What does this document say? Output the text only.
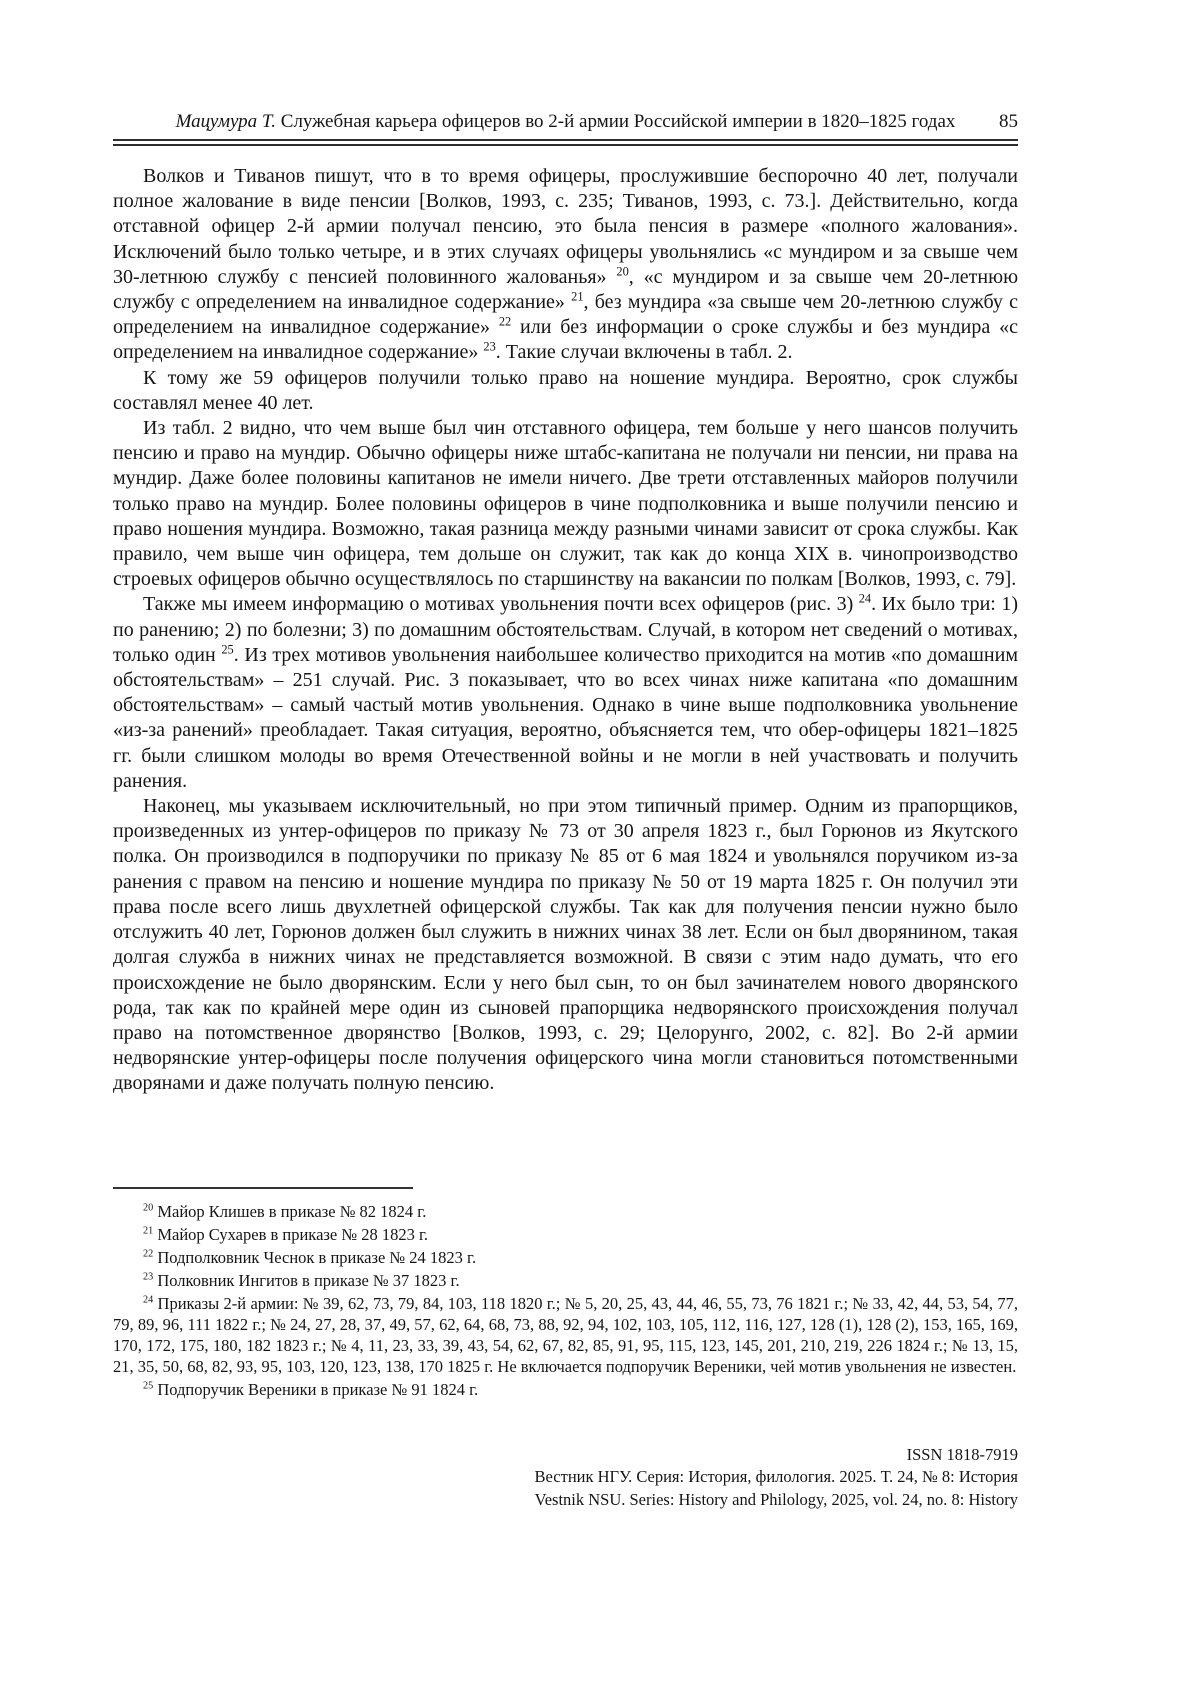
Мацумура Т. Служебная карьера офицеров во 2-й армии Российской империи в 1820–1825 годах 85

Волков и Тиванов пишут, что в то время офицеры, прослужившие беспорочно 40 лет, получали полное жалование в виде пенсии [Волков, 1993, с. 235; Тиванов, 1993, с. 73.]. Действительно, когда отставной офицер 2-й армии получал пенсию, это была пенсия в размере «полного жалования». Исключений было только четыре, и в этих случаях офицеры увольнялись «с мундиром и за свыше чем 30-летнюю службу с пенсией половинного жалованья» $^{20}$, «с мундиром и за свыше чем 20-летнюю службу с определением на инвалидное содержание» $^{21}$, без мундира «за свыше чем 20-летнюю службу с определением на инвалидное содержание» $^{22}$ или без информации о сроке службы и без мундира «с определением на инвалидное содержание» $^{23}$. Такие случаи включены в табл. 2.

К тому же 59 офицеров получили только право на ношение мундира. Вероятно, срок службы составлял менее 40 лет.

Из табл. 2 видно, что чем выше был чин отставного офицера, тем больше у него шансов получить пенсию и право на мундир. Обычно офицеры ниже штабс-капитана не получали ни пенсии, ни права на мундир. Даже более половины капитанов не имели ничего. Две трети отставленных майоров получили только право на мундир. Более половины офицеров в чине подполковника и выше получили пенсию и право ношения мундира. Возможно, такая разница между разными чинами зависит от срока службы. Как правило, чем выше чин офицера, тем дольше он служит, так как до конца XIX в. чинопроизводство строевых офицеров обычно осуществлялось по старшинству на вакансии по полкам [Волков, 1993, с. 79].

Также мы имеем информацию о мотивах увольнения почти всех офицеров (рис. 3) $^{24}$. Их было три: 1) по ранению; 2) по болезни; 3) по домашним обстоятельствам. Случай, в котором нет сведений о мотивах, только один $^{25}$. Из трех мотивов увольнения наибольшее количество приходится на мотив «по домашним обстоятельствам» – 251 случай. Рис. 3 показывает, что во всех чинах ниже капитана «по домашним обстоятельствам» – самый частый мотив увольнения. Однако в чине выше подполковника увольнение «из-за ранений» преобладает. Такая ситуация, вероятно, объясняется тем, что обер-офицеры 1821–1825 гг. были слишком молоды во время Отечественной войны и не могли в ней участвовать и получить ранения.

Наконец, мы указываем исключительный, но при этом типичный пример. Одним из прапорщиков, произведенных из унтер-офицеров по приказу № 73 от 30 апреля 1823 г., был Горюнов из Якутского полка. Он производился в подпоручики по приказу № 85 от 6 мая 1824 и увольнялся поручиком из-за ранения с правом на пенсию и ношение мундира по приказу № 50 от 19 марта 1825 г. Он получил эти права после всего лишь двухлетней офицерской службы. Так как для получения пенсии нужно было отслужить 40 лет, Горюнов должен был служить в нижних чинах 38 лет. Если он был дворянином, такая долгая служба в нижних чинах не представляется возможной. В связи с этим надо думать, что его происхождение не было дворянским. Если у него был сын, то он был зачинателем нового дворянского рода, так как по крайней мере один из сыновей прапорщика недворянского происхождения получал право на потомственное дворянство [Волков, 1993, с. 29; Целорунго, 2002, с. 82]. Во 2-й армии недворянские унтер-офицеры после получения офицерского чина могли становиться потомственными дворянами и даже получать полную пенсию.

$^{20}$ Майор Клишев в приказе № 82 1824 г.

$^{21}$ Майор Сухарев в приказе № 28 1823 г.

$^{22}$ Подполковник Чеснок в приказе № 24 1823 г.

$^{23}$ Полковник Ингитов в приказе № 37 1823 г.

$^{24}$ Приказы 2-й армии: № 39, 62, 73, 79, 84, 103, 118 1820 г.; № 5, 20, 25, 43, 44, 46, 55, 73, 76 1821 г.; № 33, 42, 44, 53, 54, 77, 79, 89, 96, 111 1822 г.; № 24, 27, 28, 37, 49, 57, 62, 64, 68, 73, 88, 92, 94, 102, 103, 105, 112, 116, 127, 128 (1), 128 (2), 153, 165, 169, 170, 172, 175, 180, 182 1823 г.; № 4, 11, 23, 33, 39, 43, 54, 62, 67, 82, 85, 91, 95, 115, 123, 145, 201, 210, 219, 226 1824 г.; № 13, 15, 21, 35, 50, 68, 82, 93, 95, 103, 120, 123, 138, 170 1825 г. Не включается подпоручик Вереники, чей мотив увольнения не известен.

$^{25}$ Подпоручик Вереники в приказе № 91 1824 г.

ISSN 1818-7919
Вестник НГУ. Серия: История, филология. 2025. Т. 24, № 8: История
Vestnik NSU. Series: History and Philology, 2025, vol. 24, no. 8: History
